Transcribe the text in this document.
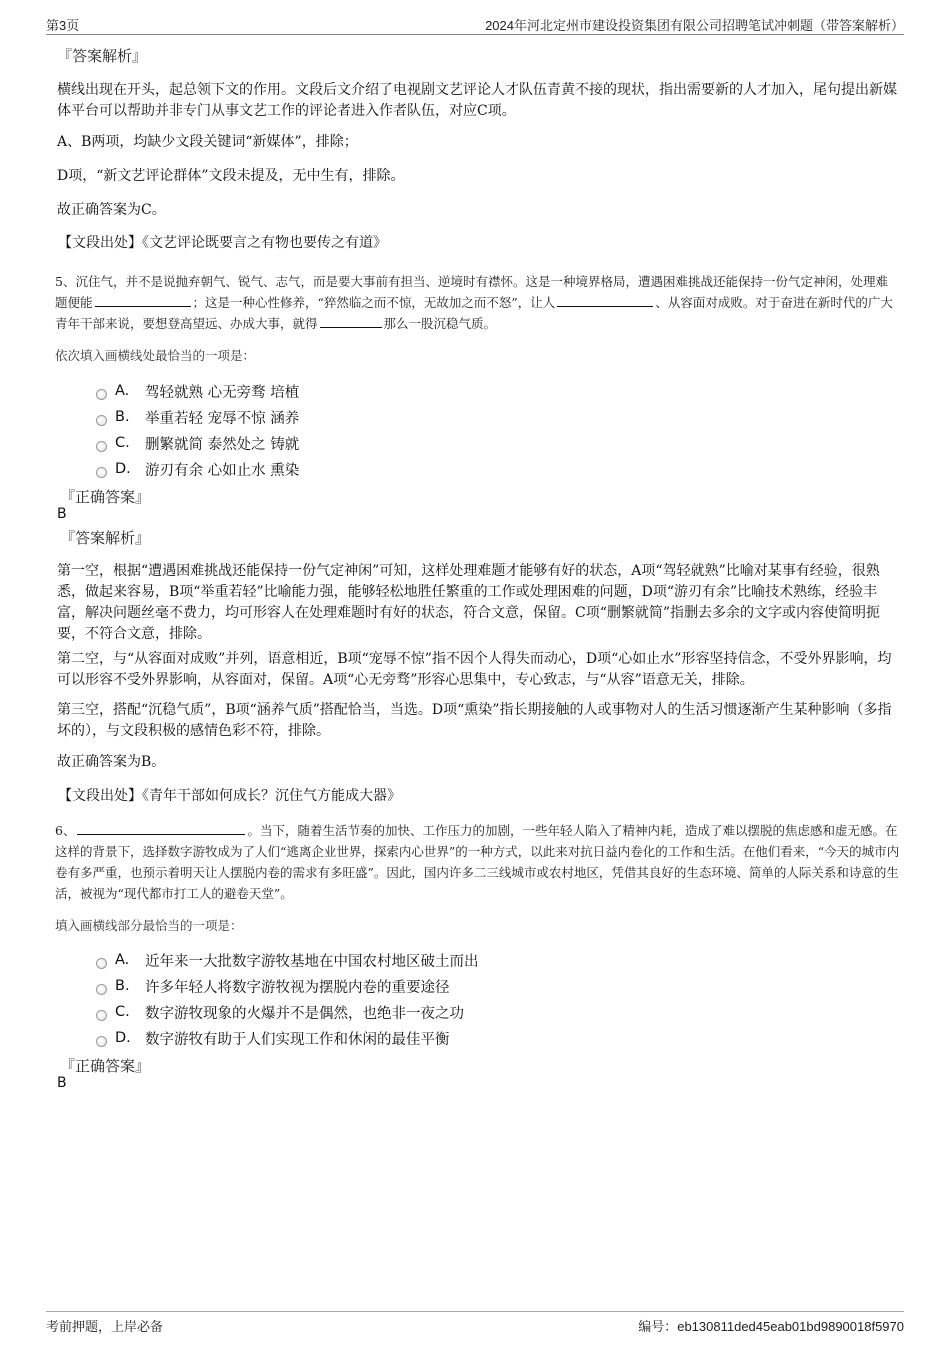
第3页	2024年河北定州市建设投资集团有限公司招聘笔试冲刺题（带答案解析）
『答案解析』
横线出现在开头，起总领下文的作用。文段后文介绍了电视剧文艺评论人才队伍青黄不接的现状，指出需要新的人才加入，尾句提出新媒体平台可以帮助并非专门从事文艺工作的评论者进入作者队伍，对应C项。
A、B两项，均缺少文段关键词“新媒体”，排除；
D项，“新文艺评论群体”文段未提及，无中生有，排除。
故正确答案为C。
【文段出处】《文艺评论既要言之有物也要传之有道》
5、沉住气，并不是说抛弃朝气、锐气、志气，而是要大事前有担当、逆境时有襟怀。这是一种境界格局，遭遇困难挑战还能保持一份气定神闲，处理难题便能	；这是一种心性修养，“猝然临之而不惊，无故加之而不怒”，让人	、从容面对成败。对于奋进在新时代的广大青年干部来说，要想登高望远、办成大事，就得	那么一股沉稳气质。
依次填入画横线处最恰当的一项是：
A.	驾轻就熟 心无旁骛 培植
B.	举重若轻 宠辱不惊 涵养
C.	删繁就简 泰然处之 铸就
D. 游刃有余 心如止水 熏染
『正确答案』
B
『答案解析』
第一空，根据“遭遇困难挑战还能保持一份气定神闲”可知，这样处理难题才能够有好的状态，A项“驾轻就熟”比喻对某事有经验，很熟悉，做起来容易，B项“举重若轻”比喻能力强，能够轻松地胜任繁重的工作或处理困难的问题，D项“游刃有余”比喻技术熟练，经验丰富，解决问题丝毫不费力，均可形容人在处理难题时有好的状态，符合文意，保留。C项“删繁就简”指删去多余的文字或内容使简明扼要，不符合文意，排除。
第二空，与“从容面对成败”并列，语意相近，B项“宠辱不惊”指不因个人得失而动心，D项“心如止水”形容坚持信念，不受外界影响，均可以形容不受外界影响，从容面对，保留。A项“心无旁骛”形容心思集中，专心致志，与“从容”语意无关，排除。
第三空，搭配“沉稳气质”，B项“涵养气质”搭配恰当，当选。D项“熏染”指长期接触的人或事物对人的生活习惯逐渐产生某种影响（多指坏的），与文段积极的感情色彩不符，排除。
故正确答案为B。
【文段出处】《青年干部如何成长？沉住气方能成大器》
6、	。当下，随着生活节奏的加快、工作压力的加剧，一些年轻人陷入了精神内耗，造成了难以摆脱的焦虑感和虚无感。在这样的背景下，选择数字游牧成为了人们“逃离企业世界，探索内心世界”的一种方式，以此来对抗日益内卷化的工作和生活。在他们看来，“今天的城市内卷有多严重，也预示着明天让人摆脱内卷的需求有多旺盛”。因此，国内许多二三线城市或农村地区，凭借其良好的生态环境、简单的人际关系和诗意的生活，被视为“现代都市打工人的避卷天堂”。
填入画横线部分最恰当的一项是：
A.	近年来一大批数字游牧基地在中国农村地区破土而出
B.	许多年轻人将数字游牧视为摆脱内卷的重要途径
C.	数字游牧现象的火爆并不是偶然，也绝非一夜之功
D. 数字游牧有助于人们实现工作和休闲的最佳平衡
『正确答案』
B
考前押题，上岸必备	编号：eb130811ded45eab01bd9890018f5970
